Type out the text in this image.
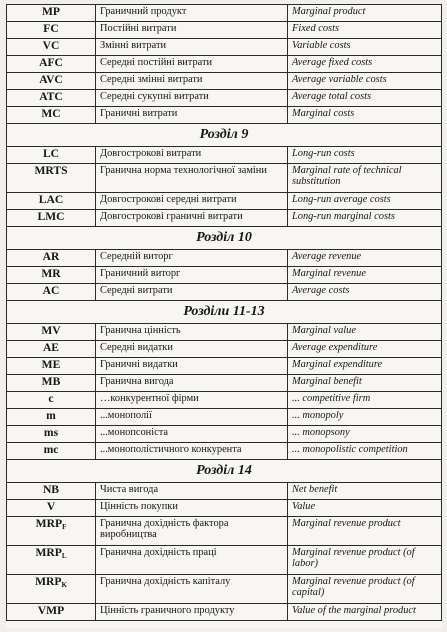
MP	Граничний продукт	Marginal product
FC	Постійні витрати	Fixed costs
VC	Змінні витрати	Variable costs
AFC	Середні постійні витрати	Average fixed costs
AVC	Середні змінні витрати	Average variable costs
ATC	Середні сукупні витрати	Average total costs
MC	Граничні витрати	Marginal costs
Розділ 9		
LC	Довгострокові витрати	Long-run costs
MRTS	Гранична норма технологічної заміни	Marginal rate of technical substitution
LAC	Довгострокові середні витрати	Long-run average costs
LMC	Довгострокові граничні витрати	Long-run marginal costs
Розділ 10		
AR	Середній виторг	Average revenue
MR	Граничний виторг	Marginal revenue
AC	Середні витрати	Average costs
Розділи 11-13		
MV	Гранична цінність	Marginal value
AE	Середні видатки	Average expenditure
ME	Граничні видатки	Marginal expenditure
MB	Гранична вигода	Marginal benefit
c	…конкурентної фірми	... competitive firm
m	...монополії	... monopoly
ms	...монопсоніста	... monopsony
mc	...монополістичного конкурента	... monopolistic competition
Розділ 14		
NB	Чиста вигода	Net benefit
V	Цінність покупки	Value
$MRP_F$	Гранична дохідність фактора виробництва	Marginal revenue product
$MRP_L$	Гранична дохідність праці	Marginal revenue product (of labor)
$MRP_K$	Гранична дохідність капіталу	Marginal revenue product (of capital)
VMP	Цінність граничного продукту	Value of the marginal product
